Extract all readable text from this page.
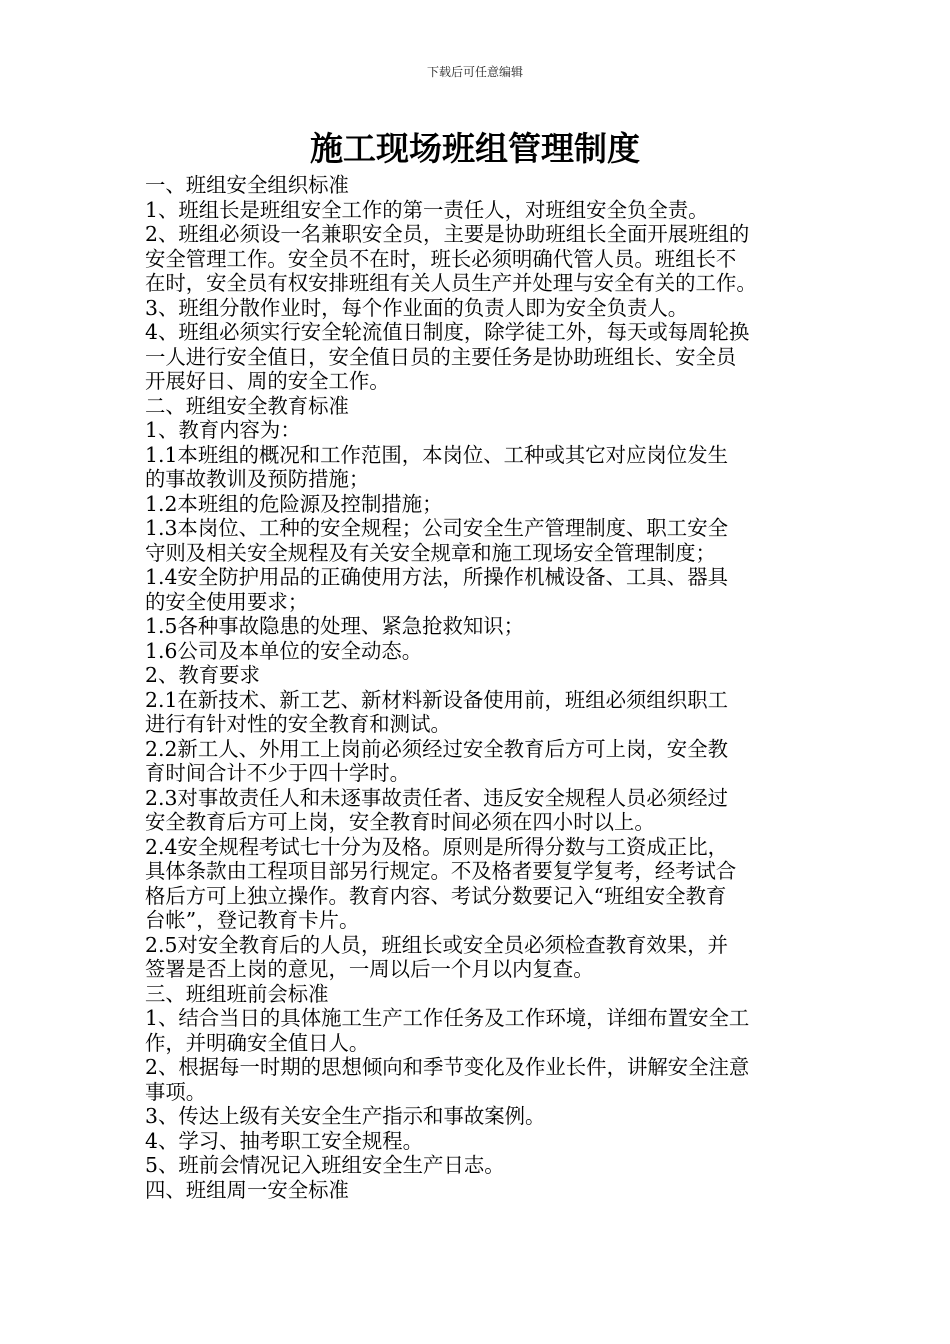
下载后可任意编辑
施工现场班组管理制度
一、班组安全组织标准
1、班组长是班组安全工作的第一责任人，对班组安全负全责。
2、班组必须设一名兼职安全员，主要是协助班组长全面开展班组的
安全管理工作。安全员不在时，班长必须明确代管人员。班组长不
在时，安全员有权安排班组有关人员生产并处理与安全有关的工作。
3、班组分散作业时，每个作业面的负责人即为安全负责人。
4、班组必须实行安全轮流值日制度，除学徒工外，每天或每周轮换
一人进行安全值日，安全值日员的主要任务是协助班组长、安全员
开展好日、周的安全工作。
二、班组安全教育标准
1、教育内容为：
1.1本班组的概况和工作范围，本岗位、工种或其它对应岗位发生
的事故教训及预防措施；
1.2本班组的危险源及控制措施；
1.3本岗位、工种的安全规程；公司安全生产管理制度、职工安全
守则及相关安全规程及有关安全规章和施工现场安全管理制度；
1.4安全防护用品的正确使用方法，所操作机械设备、工具、器具
的安全使用要求；
1.5各种事故隐患的处理、紧急抢救知识；
1.6公司及本单位的安全动态。
2、教育要求
2.1在新技术、新工艺、新材料新设备使用前，班组必须组织职工
进行有针对性的安全教育和测试。
2.2新工人、外用工上岗前必须经过安全教育后方可上岗，安全教
育时间合计不少于四十学时。
2.3对事故责任人和未逐事故责任者、违反安全规程人员必须经过
安全教育后方可上岗，安全教育时间必须在四小时以上。
2.4安全规程考试七十分为及格。原则是所得分数与工资成正比，
具体条款由工程项目部另行规定。不及格者要复学复考，经考试合
格后方可上独立操作。教育内容、考试分数要记入“班组安全教育
台帐”，登记教育卡片。
2.5对安全教育后的人员，班组长或安全员必须检查教育效果，并
签署是否上岗的意见，一周以后一个月以内复查。
三、班组班前会标准
1、结合当日的具体施工生产工作任务及工作环境，详细布置安全工
作，并明确安全值日人。
2、根据每一时期的思想倾向和季节变化及作业长件，讲解安全注意
事项。
3、传达上级有关安全生产指示和事故案例。
4、学习、抽考职工安全规程。
5、班前会情况记入班组安全生产日志。
四、班组周一安全标准
